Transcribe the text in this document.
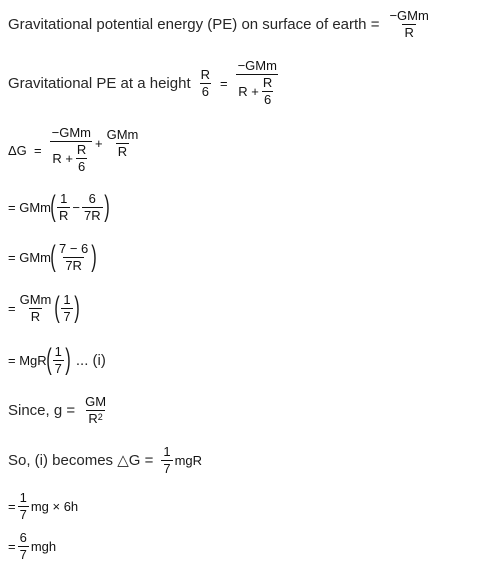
Gravitational potential energy (PE) on surface of earth = $\frac{\text{−GMm}}{R}$
Gravitational PE at a height $\frac{R}{6} = \frac{\text{−GMm}}{R + \frac{R}{6}}$
$\Delta G = \frac{\text{−GMm}}{R + \frac{R}{6}} + \frac{\text{GMm}}{R}$
= GMm ( $\frac{1}{R} - \frac{6}{7R}$ )
= GMm ( $\frac{7 - 6}{7R}$ )
= $\frac{\text{GMm}}{R}$ ( $\frac{1}{7}$ )
= MgR ( $\frac{1}{7}$ ) ... (i)
Since, $g = \frac{GM}{R^2}$
So, (i) becomes △G = $\frac{1}{7}$ mgR
= $\frac{1}{7}$ mg × 6h
= $\frac{6}{7}$ mgh
